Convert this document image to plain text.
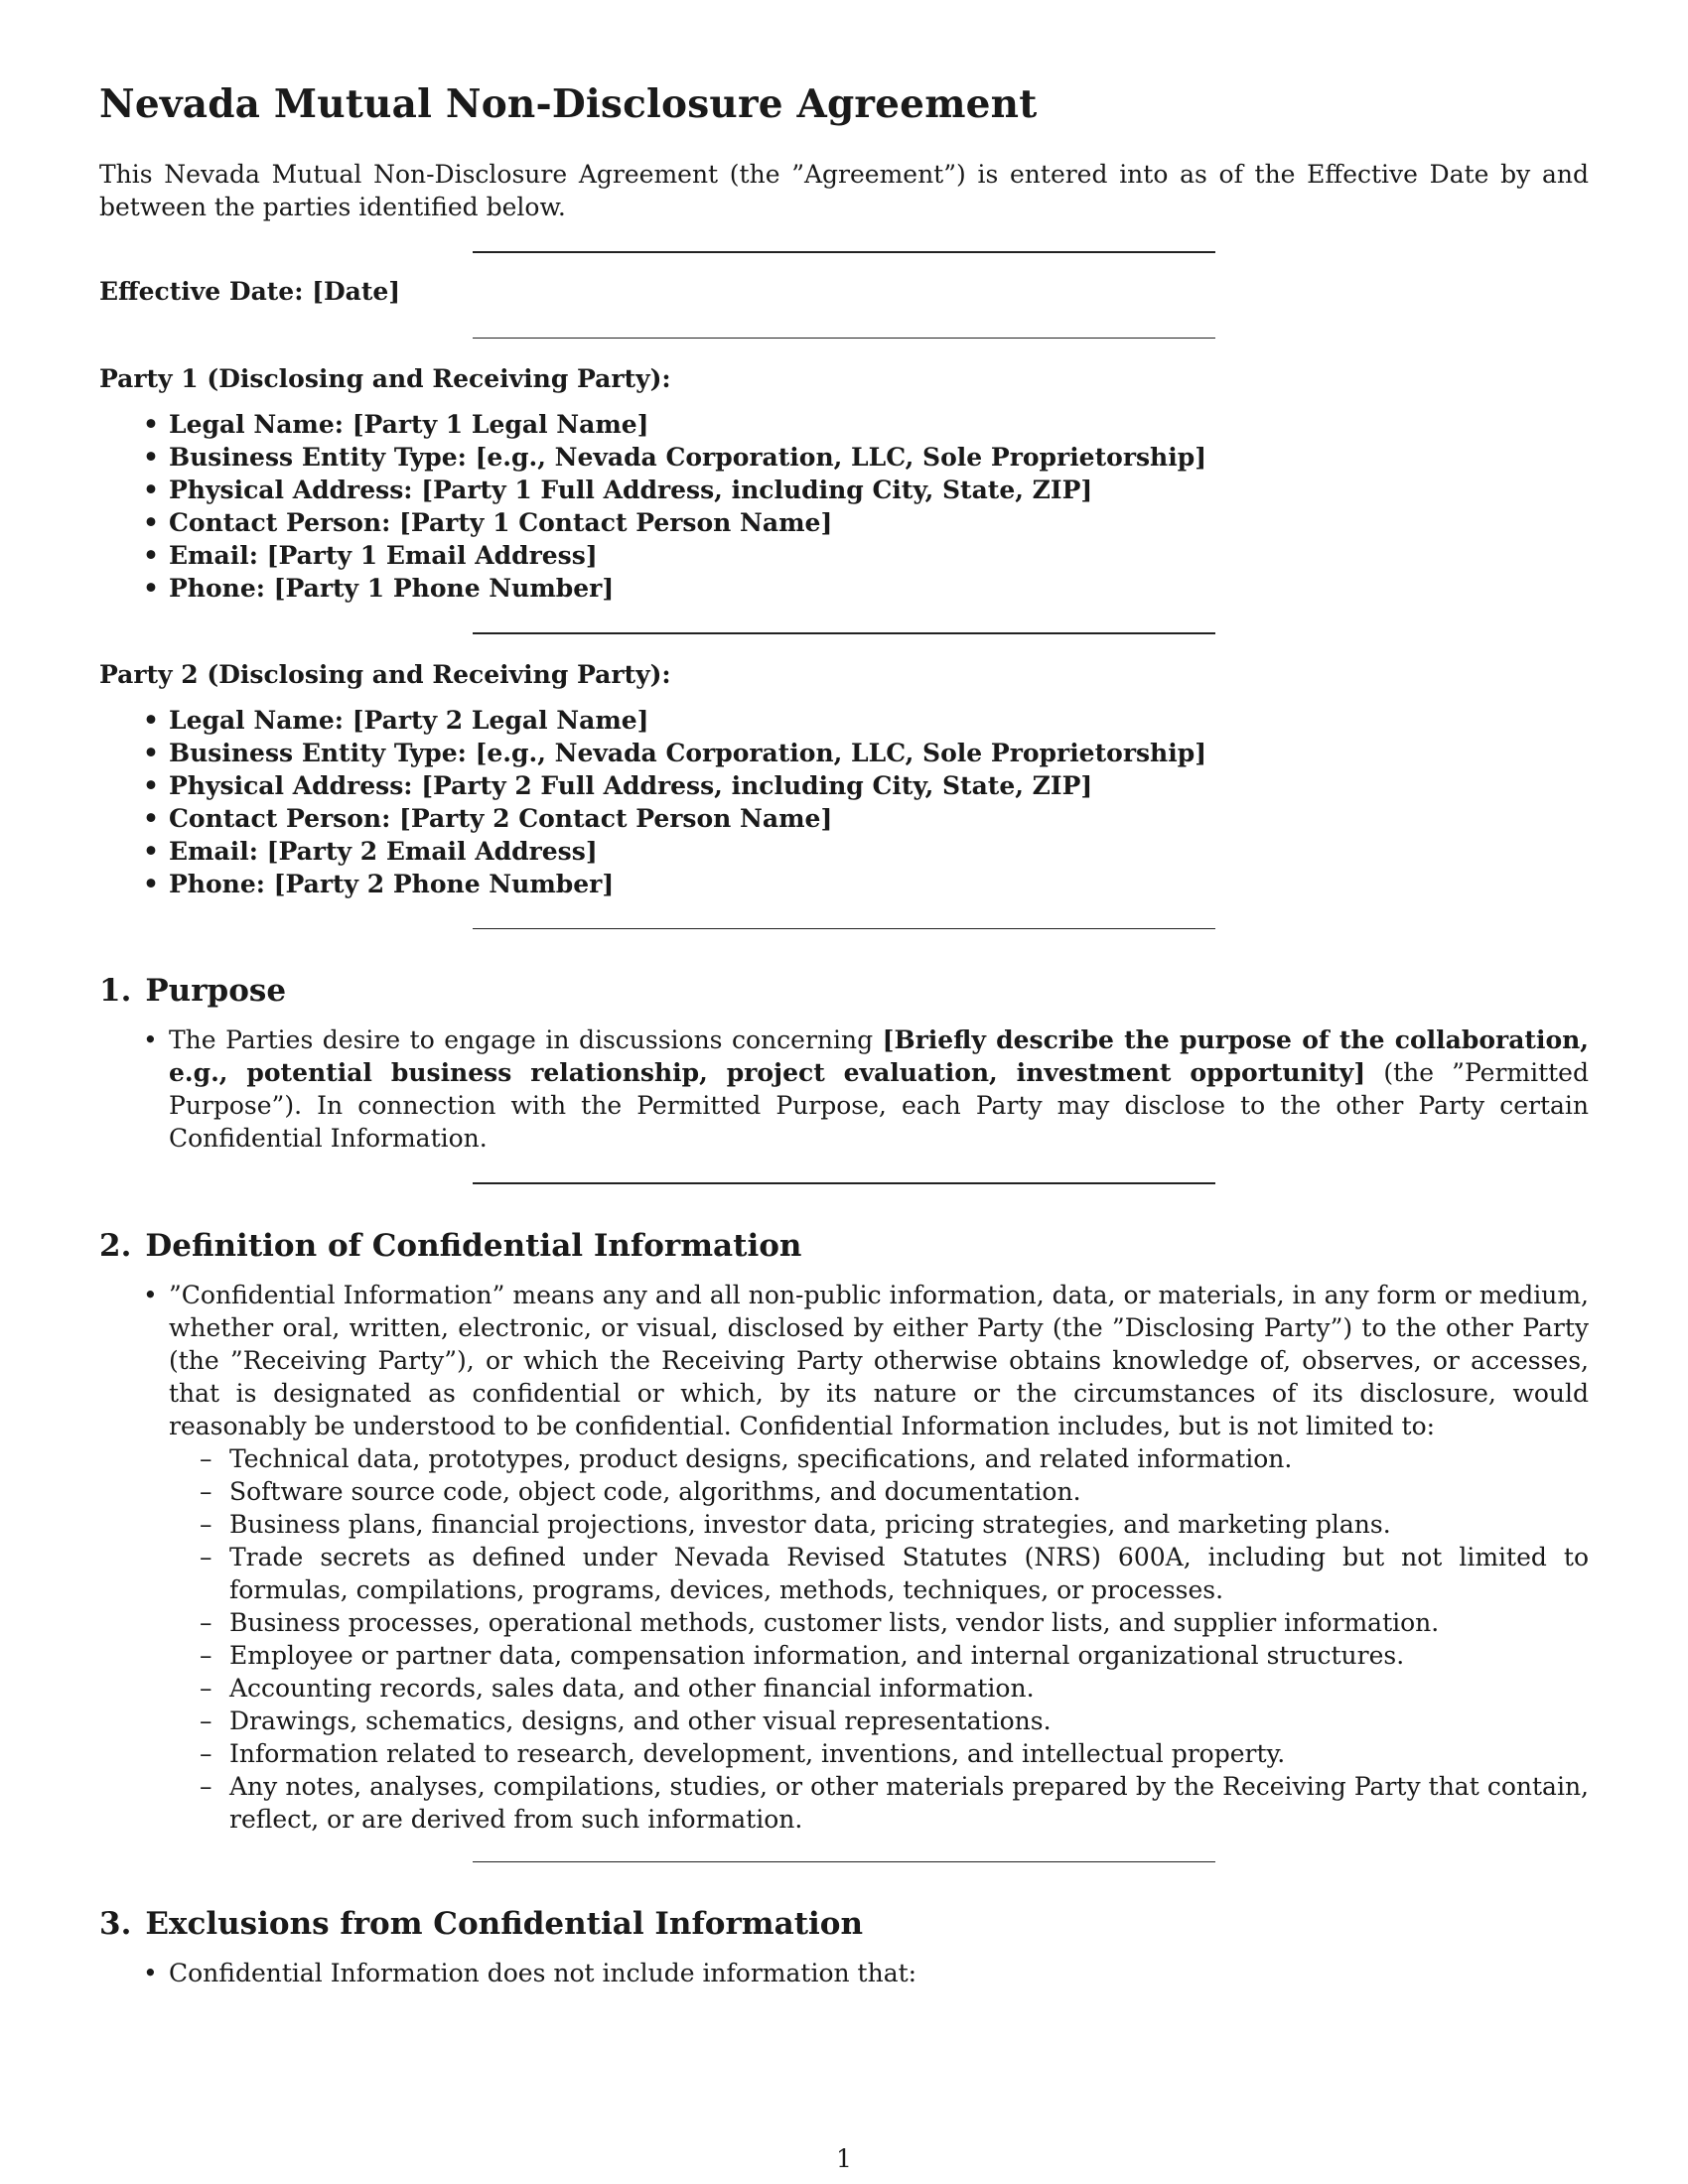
Nevada Mutual Non-Disclosure Agreement

This Nevada Mutual Non-Disclosure Agreement (the ”Agreement”) is entered into as of the Effective Date by and between the parties identified below.

Effective Date: [Date]

Party 1 (Disclosing and Receiving Party):

• Legal Name: [Party 1 Legal Name]
• Business Entity Type: [e.g., Nevada Corporation, LLC, Sole Proprietorship]
• Physical Address: [Party 1 Full Address, including City, State, ZIP]
• Contact Person: [Party 1 Contact Person Name]
• Email: [Party 1 Email Address]
• Phone: [Party 1 Phone Number]

Party 2 (Disclosing and Receiving Party):

• Legal Name: [Party 2 Legal Name]
• Business Entity Type: [e.g., Nevada Corporation, LLC, Sole Proprietorship]
• Physical Address: [Party 2 Full Address, including City, State, ZIP]
• Contact Person: [Party 2 Contact Person Name]
• Email: [Party 2 Email Address]
• Phone: [Party 2 Phone Number]
1. Purpose
• The Parties desire to engage in discussions concerning [Briefly describe the purpose of the collaboration, e.g., potential business relationship, project evaluation, investment opportunity] (the ”Permitted Purpose”). In connection with the Permitted Purpose, each Party may disclose to the other Party certain Confidential Information.
2. Definition of Confidential Information
• ”Confidential Information” means any and all non-public information, data, or materials, in any form or medium, whether oral, written, electronic, or visual, disclosed by either Party (the ”Disclosing Party”) to the other Party (the ”Receiving Party”), or which the Receiving Party otherwise obtains knowledge of, observes, or accesses, that is designated as confidential or which, by its nature or the circumstances of its disclosure, would reasonably be understood to be confidential. Confidential Information includes, but is not limited to:
– Technical data, prototypes, product designs, specifications, and related information.
– Software source code, object code, algorithms, and documentation.
– Business plans, financial projections, investor data, pricing strategies, and marketing plans.
– Trade secrets as defined under Nevada Revised Statutes (NRS) 600A, including but not limited to formulas, compilations, programs, devices, methods, techniques, or processes.
– Business processes, operational methods, customer lists, vendor lists, and supplier information.
– Employee or partner data, compensation information, and internal organizational structures.
– Accounting records, sales data, and other financial information.
– Drawings, schematics, designs, and other visual representations.
– Information related to research, development, inventions, and intellectual property.
– Any notes, analyses, compilations, studies, or other materials prepared by the Receiving Party that contain, reflect, or are derived from such information.
3. Exclusions from Confidential Information
• Confidential Information does not include information that:
1
